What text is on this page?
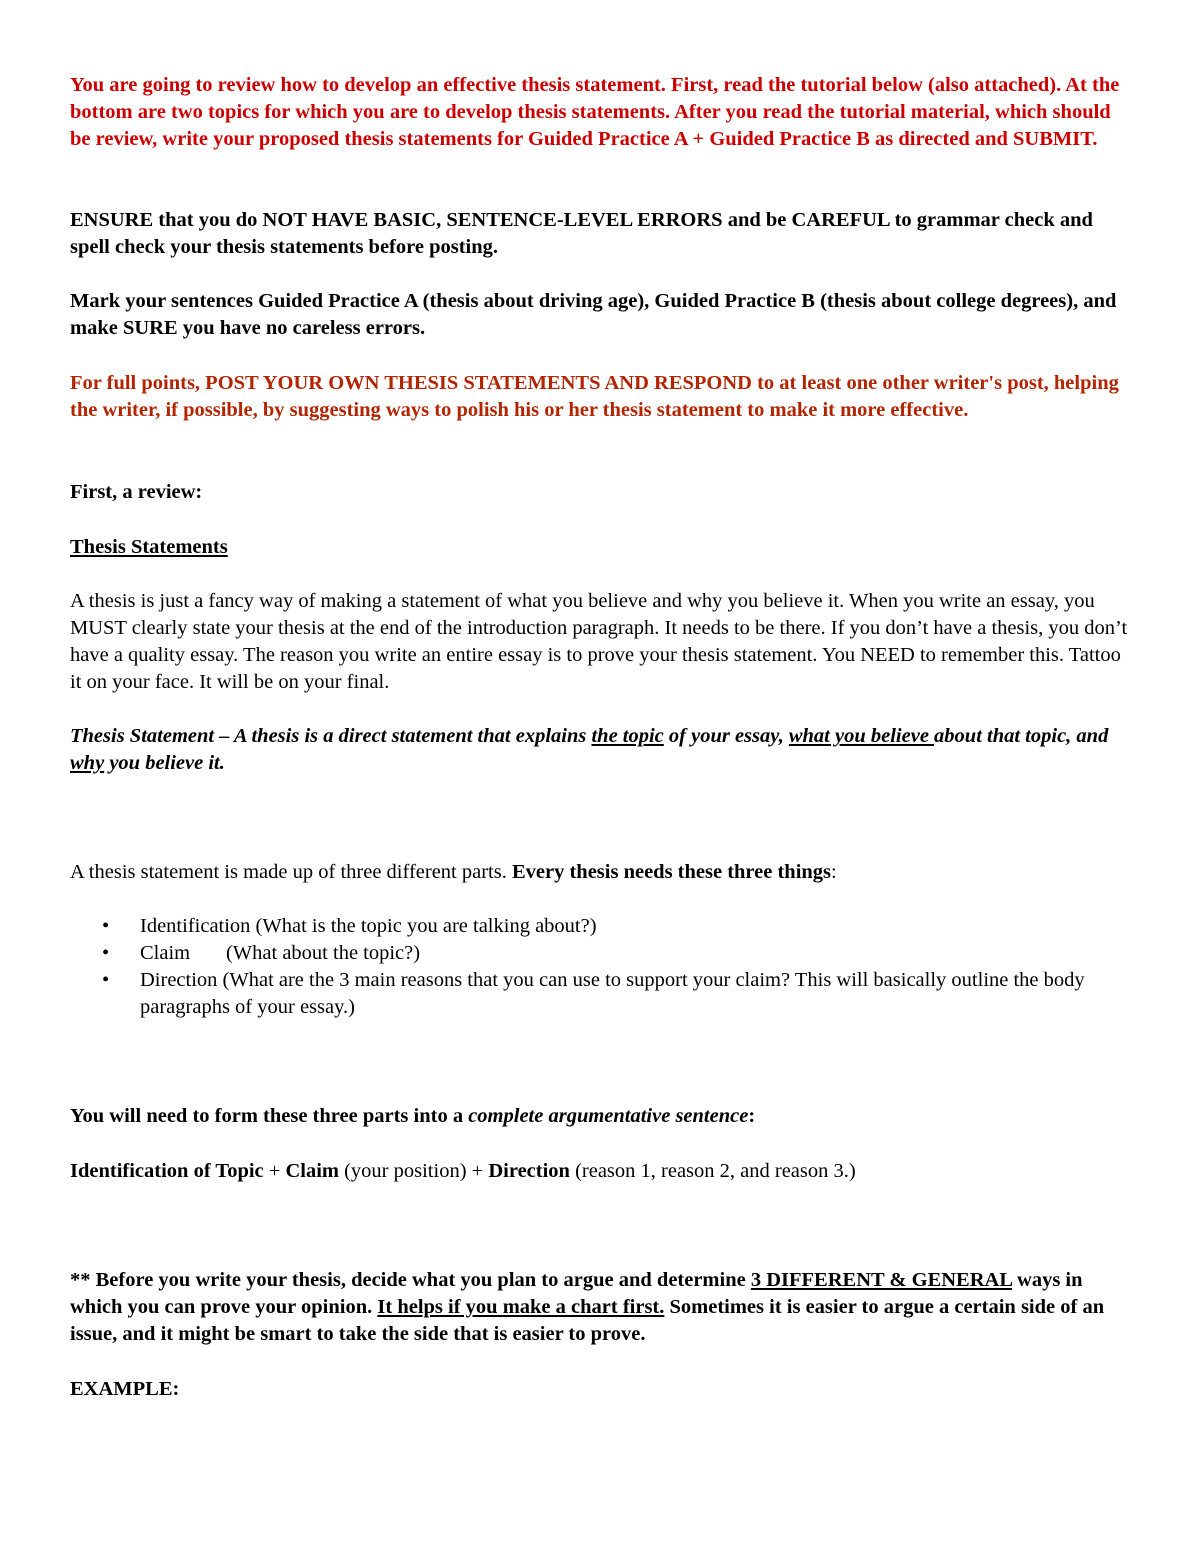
You are going to review how to develop an effective thesis statement. First, read the tutorial below (also attached). At the bottom are two topics for which you are to develop thesis statements. After you read the tutorial material, which should be review, write your proposed thesis statements for Guided Practice A + Guided Practice B as directed and SUBMIT.

ENSURE that you do NOT HAVE BASIC, SENTENCE-LEVEL ERRORS and be CAREFUL to grammar check and spell check your thesis statements before posting.

Mark your sentences Guided Practice A (thesis about driving age), Guided Practice B (thesis about college degrees), and make SURE you have no careless errors.

For full points, POST YOUR OWN THESIS STATEMENTS AND RESPOND to at least one other writer's post, helping the writer, if possible, by suggesting ways to polish his or her thesis statement to make it more effective.

First, a review:

Thesis Statements

A thesis is just a fancy way of making a statement of what you believe and why you believe it. When you write an essay, you MUST clearly state your thesis at the end of the introduction paragraph. It needs to be there. If you don’t have a thesis, you don’t have a quality essay. The reason you write an entire essay is to prove your thesis statement. You NEED to remember this. Tattoo it on your face. It will be on your final.

Thesis Statement – A thesis is a direct statement that explains the topic of your essay, what you believe about that topic, and why you believe it.

A thesis statement is made up of three different parts. Every thesis needs these three things:

• Identification (What is the topic you are talking about?)
• Claim       (What about the topic?)
• Direction (What are the 3 main reasons that you can use to support your claim? This will basically outline the body paragraphs of your essay.)

You will need to form these three parts into a complete argumentative sentence:

Identification of Topic + Claim (your position) + Direction (reason 1, reason 2, and reason 3.)

** Before you write your thesis, decide what you plan to argue and determine 3 DIFFERENT & GENERAL ways in which you can prove your opinion. It helps if you make a chart first. Sometimes it is easier to argue a certain side of an issue, and it might be smart to take the side that is easier to prove.

EXAMPLE:
